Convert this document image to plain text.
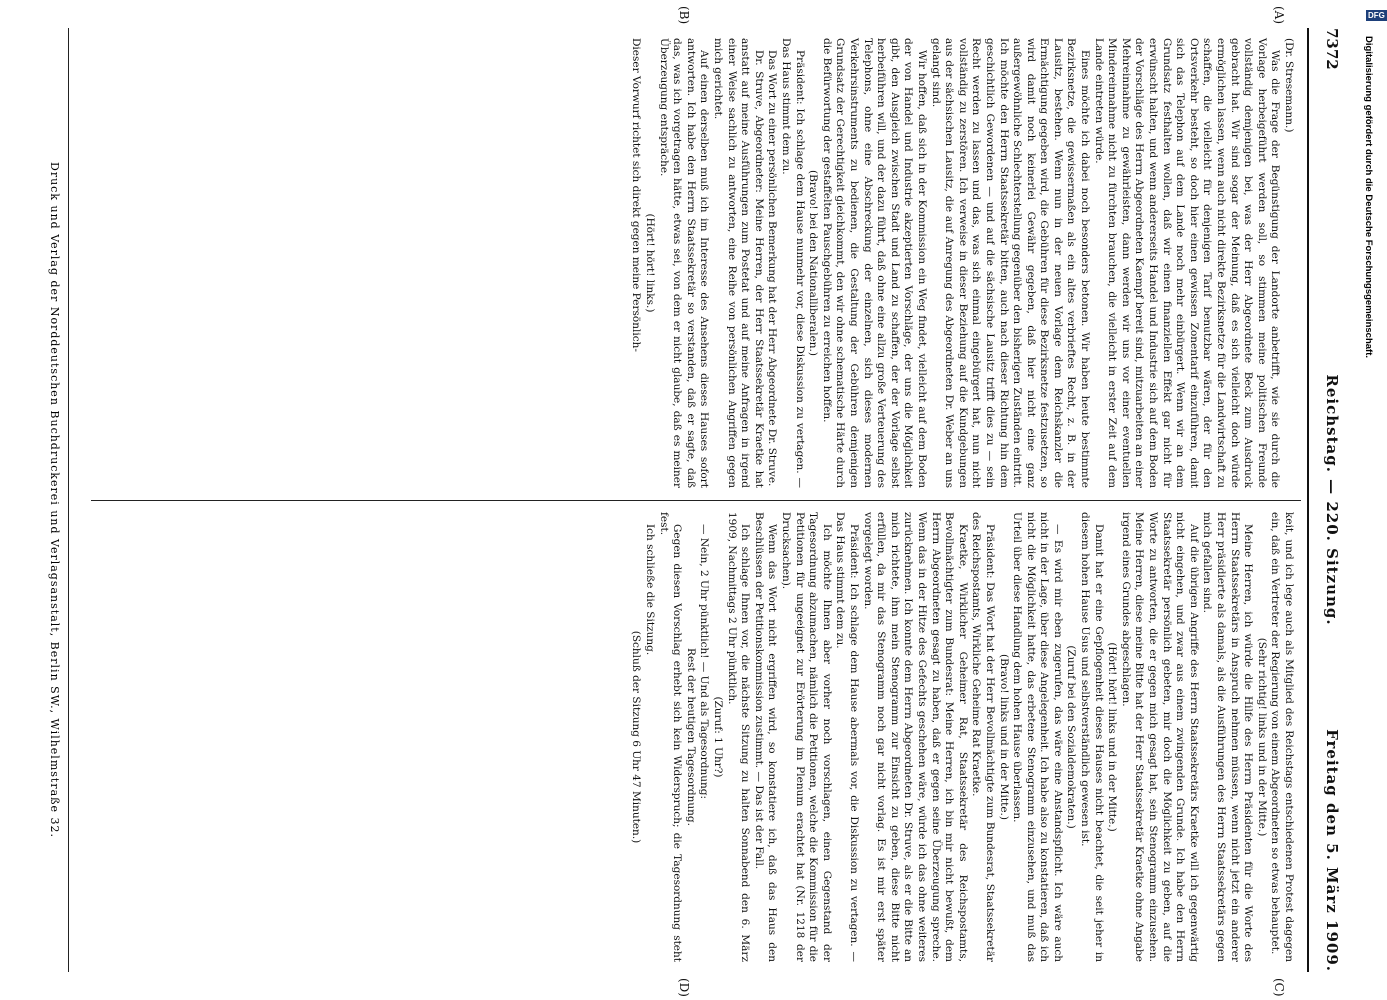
7372
Reichstag. — 220. Sitzung.
Freitag den 5. März 1909.

(Dr. Stresemann.)

Was die Frage der Begünstigung der Landorte anbetrifft, wie sie durch die Vorlage herbeigeführt werden soll, so stimmen meine politischen Freunde vollständig demjenigen bei, was der Herr Abgeordnete Beck zum Ausdruck gebracht hat. Wir sind sogar der Meinung, daß es sich vielleicht doch würde ermöglichen lassen, wenn auch nicht direkte Bezirksnetze für die Landwirtschaft zu schaffen, die vielleicht für denjenigen Tarif benutzbar wären, der für den Ortsverkehr besteht, so doch hier einen gewissen Zonentarif einzuführen, damit sich das Telephon auf dem Lande noch mehr einbürgert. Wenn wir an dem Grundsatz festhalten wollen, daß wir einen finanziellen Effekt gar nicht für erwünscht halten, und wenn andererseits Handel und Industrie sich auf dem Boden der Vorschläge des Herrn Abgeordneten Kaempf bereit sind, mitzuarbeiten an einer Mehreinnahme zu gewährleisten, dann werden wir uns vor einer eventuellen Mindereinnahme nicht zu fürchten brauchen, die vielleicht in erster Zeit auf dem Lande eintreten würde.

Eines möchte ich dabei noch besonders betonen. Wir haben heute bestimmte Bezirksnetze, die gewissermaßen als ein altes verbrieftes Recht, z. B. in der Lausitz, bestehen. Wenn nun in der neuen Vorlage dem Reichskanzler die Ermächtigung gegeben wird, die Gebühren für diese Bezirksnetze festzusetzen, so wird damit noch keinerlei Gewähr gegeben, daß hier nicht eine ganz außergewöhnliche Schlechterstellung gegenüber den bisherigen Zuständen eintritt. Ich möchte den Herrn Staatssekretär bitten, auch nach dieser Richtung hin dem geschichtlich Gewordenen — und auf die sächsische Lausitz trifft dies zu — sein Recht werden zu lassen und das, was sich einmal eingebürgert hat, nun nicht vollständig zu zerstören. Ich verweise in dieser Beziehung auf die Kundgebungen aus der sächsischen Lausitz, die auf Anregung des Abgeordneten Dr. Weber an uns gelangt sind.

Wir hoffen, daß sich in der Kommission ein Weg findet, vielleicht auf dem Boden der von Handel und Industrie akzeptierten Vorschläge, der uns die Möglichkeit gibt, den Ausgleich zwischen Stadt und Land zu schaffen, der der Vorlage selbst herbeiführen will, und der dazu führt, daß ohne eine allzu große Verteuerung des Telephons, ohne eine Abschreckung der einzelnen, sich dieses modernen Verkehrsinstruments zu bedienen, die Gestaltung der Gebühren demjenigen Grundsatz der Gerechtigkeit gleichkommt, den wir ohne schematische Härte durch die Befürwortung der gestaffelten Pauschgebühren zu erreichen hoffen.

(Bravo! bei den Nationalliberalen.)

Präsident: Ich schlage dem Hause nunmehr vor, diese Diskussion zu vertagen. — Das Haus stimmt dem zu.

Das Wort zu einer persönlichen Bemerkung hat der Herr Abgeordnete Dr. Struve.

Dr. Struve, Abgeordneter: Meine Herren, der Herr Staatssekretär Kraetke hat anstatt auf meine Ausführungen zum Postetat und auf meine Anfragen in irgend einer Weise sachlich zu antworten, eine Reihe von persönlichen Angriffen gegen mich gerichtet.

Auf einen derselben muß ich im Interesse des Ansehens dieses Hauses sofort antworten. Ich habe den Herrn Staatssekretär so verstanden, daß er sagte, daß das, was ich vorgetragen hätte, etwas sei, von dem er nicht glaube, daß es meiner Überzeugung entspräche.

(Hört! hört! links.)

Dieser Vorwurf richtet sich direkt gegen meine Persönlich-

keit, und ich lege auch als Mitglied des Reichstags entschiedenen Protest dagegen ein, daß ein Vertreter der Regierung von einem Abgeordneten so etwas behauptet.

(Sehr richtig! links und in der Mitte.)

Meine Herren, ich würde die Hilfe des Herrn Präsidenten für die Worte des Herrn Staatssekretärs in Anspruch nehmen müssen, wenn nicht jetzt ein anderer Herr präsidierte als damals, als die Ausführungen des Herrn Staatssekretärs gegen mich gefallen sind.

Auf die übrigen Angriffe des Herrn Staatssekretärs Kraetke will ich gegenwärtig nicht eingehen, und zwar aus einem zwingenden Grunde. Ich habe den Herrn Staatssekretär persönlich gebeten, mir doch die Möglichkeit zu geben, auf die Worte zu antworten, die er gegen mich gesagt hat, sein Stenogramm einzusehen. Meine Herren, diese meine Bitte hat der Herr Staatssekretär Kraetke ohne Angabe irgend eines Grundes abgeschlagen.

(Hört! hört! links und in der Mitte.)

Damit hat er eine Gepflogenheit dieses Hauses nicht beachtet, die seit jeher in diesem hohen Hause Usus und selbstverständlich gewesen ist.

(Zuruf bei den Sozialdemokraten.)

— Es wird mir eben zugerufen, das wäre eine Anstandspflicht. Ich wäre auch nicht in der Lage, über diese Angelegenheit. Ich habe also zu konstatieren, daß ich nicht die Möglichkeit hatte, das erbetene Stenogramm einzusehen, und muß das Urteil über diese Handlung dem hohen Hause überlassen.

(Bravo! links und in der Mitte.)

Präsident: Das Wort hat der Herr Bevollmächtigte zum Bundesrat, Staatssekretär des Reichspostamts, Wirkliche Geheime Rat Kraetke.

Kraetke, Wirklicher Geheimer Rat, Staatssekretär des Reichspostamts, Bevollmächtigter zum Bundesrat: Meine Herren, ich bin mir nicht bewußt, dem Herrn Abgeordneten gesagt zu haben, daß er gegen seine Überzeugung spreche. Wenn das in der Hitze des Gefechts geschehen wäre, würde ich das ohne weiteres zurücknehmen. Ich konnte dem Herrn Abgeordneten Dr. Struve, als er die Bitte an mich richtete, ihm mein Stenogramm zur Einsicht zu geben, diese Bitte nicht erfüllen, da mir das Stenogramm noch gar nicht vorlag. Es ist mir erst später vorgelegt worden.

Präsident: Ich schlage dem Hause abermals vor, die Diskussion zu vertagen. — Das Haus stimmt dem zu.

Ich möchte Ihnen aber vorher noch vorschlagen, einen Gegenstand der Tagesordnung abzumachen, nämlich die Petitionen, welche die Kommission für die Petitionen für ungeeignet zur Erörterung im Plenum erachtet hat (Nr. 1218 der Drucksachen).

Wenn das Wort nicht ergriffen wird, so konstatiere ich, daß das Haus den Beschlüssen der Petitionskommission zustimmt. — Das ist der Fall.

Ich schlage Ihnen vor, die nächste Sitzung zu halten Sonnabend den 6. März 1909, Nachmittags 2 Uhr pünktlich.

(Zuruf: 1 Uhr?)

— Nein, 2 Uhr pünktlich! — Und als Tagesordnung:

Rest der heutigen Tagesordnung.

Gegen diesen Vorschlag erhebt sich kein Widerspruch; die Tagesordnung steht fest.

Ich schließe die Sitzung.

(Schluß der Sitzung 6 Uhr 47 Minuten.)

(A)
(B)
(C)
(D)
Druck und Verlag der Norddeutschen Buchdruckerei und Verlagsanstalt, Berlin SW., Wilhelmstraße 32.
DFG
Digitalisierung gefördert durch die Deutsche Forschungsgemeinschaft.
